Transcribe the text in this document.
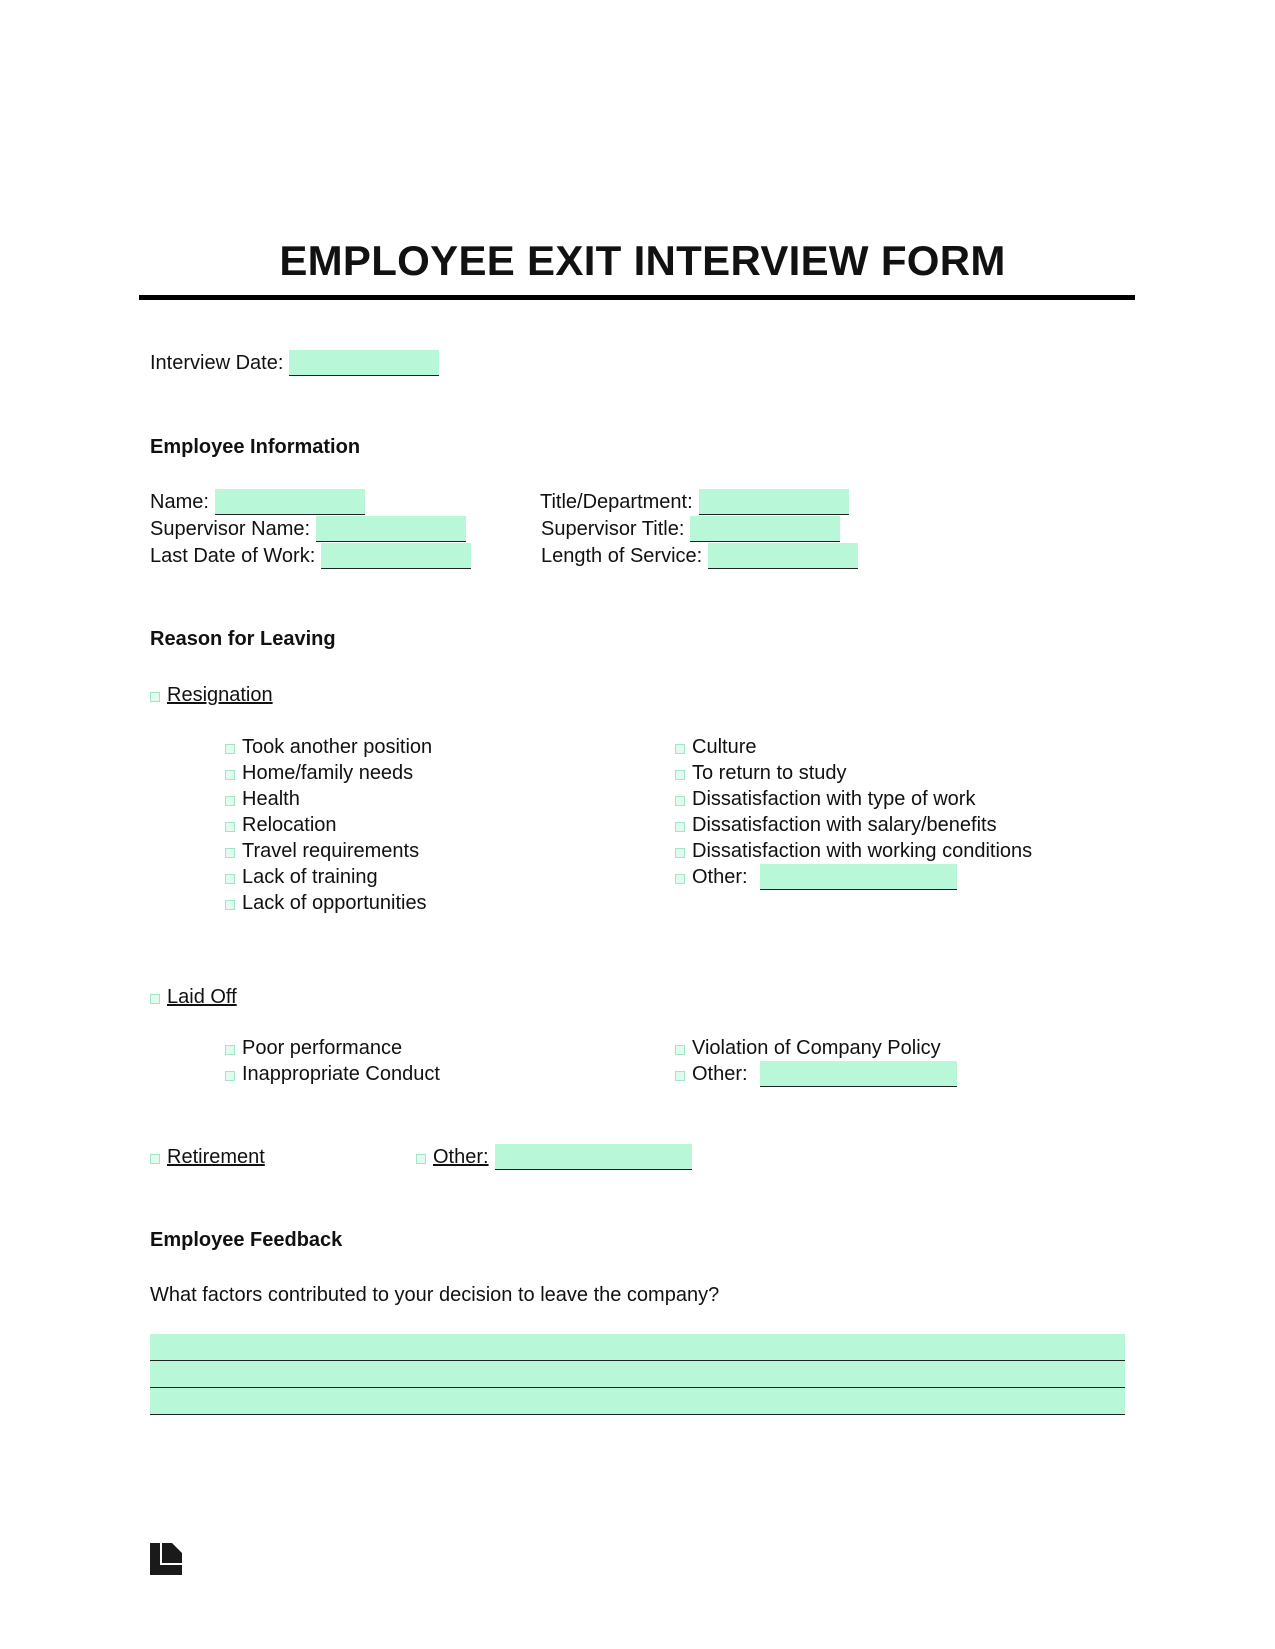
EMPLOYEE EXIT INTERVIEW FORM
Interview Date:
Employee Information
Name:
Supervisor Name:
Last Date of Work:
Title/Department:
Supervisor Title:
Length of Service:
Reason for Leaving
Resignation
Took another position
Home/family needs
Health
Relocation
Travel requirements
Lack of training
Lack of opportunities
Culture
To return to study
Dissatisfaction with type of work
Dissatisfaction with salary/benefits
Dissatisfaction with working conditions
Other:
Laid Off
Poor performance
Inappropriate Conduct
Violation of Company Policy
Other:
Retirement	Other:
Employee Feedback
What factors contributed to your decision to leave the company?
